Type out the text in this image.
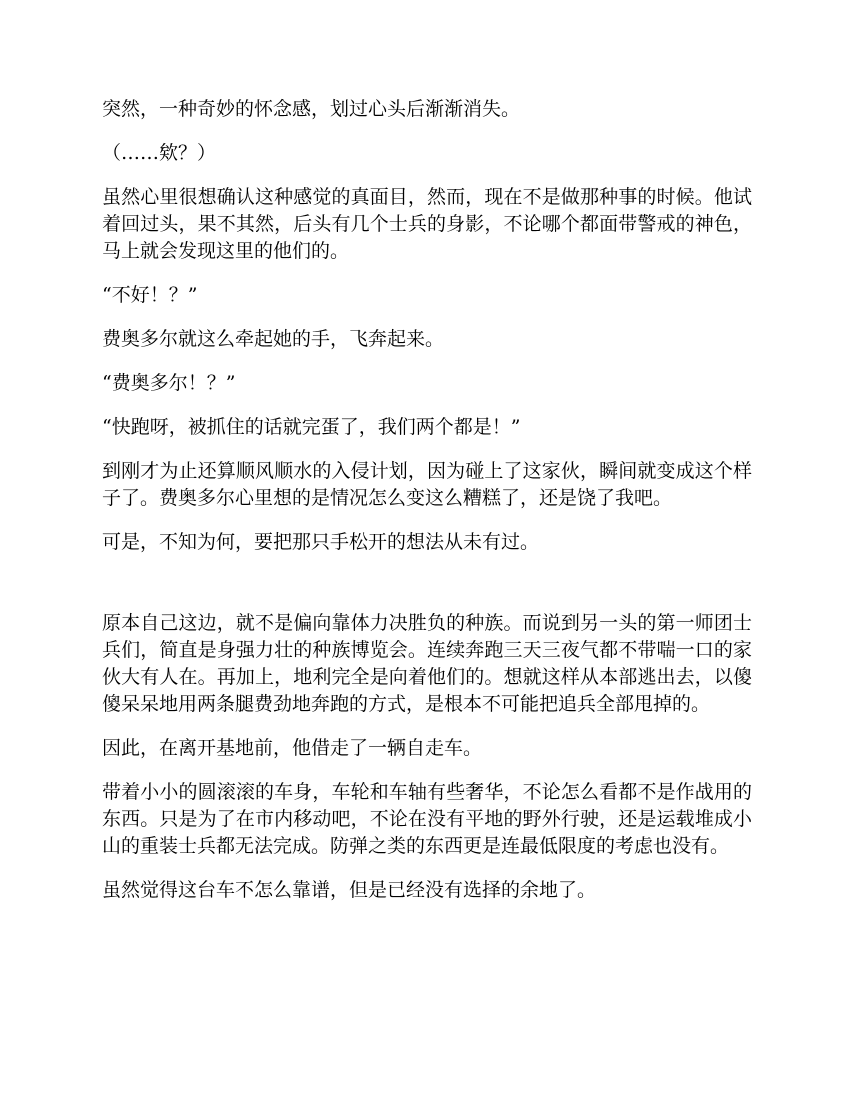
突然，一种奇妙的怀念感，划过心头后渐渐消失。

（……欸？）

虽然心里很想确认这种感觉的真面目，然而，现在不是做那种事的时候。他试着回过头，果不其然，后头有几个士兵的身影，不论哪个都面带警戒的神色，马上就会发现这里的他们的。

“不好！？”

费奥多尔就这么牵起她的手，飞奔起来。

“费奥多尔！？”

“快跑呀，被抓住的话就完蛋了，我们两个都是！”

到刚才为止还算顺风顺水的入侵计划，因为碰上了这家伙，瞬间就变成这个样子了。费奥多尔心里想的是情况怎么变这么糟糕了，还是饶了我吧。

可是，不知为何，要把那只手松开的想法从未有过。

原本自己这边，就不是偏向靠体力决胜负的种族。而说到另一头的第一师团士兵们，简直是身强力壮的种族博览会。连续奔跑三天三夜气都不带喘一口的家伙大有人在。再加上，地利完全是向着他们的。想就这样从本部逃出去，以傻傻呆呆地用两条腿费劲地奔跑的方式，是根本不可能把追兵全部甩掉的。

因此，在离开基地前，他借走了一辆自走车。

带着小小的圆滚滚的车身，车轮和车轴有些奢华，不论怎么看都不是作战用的东西。只是为了在市内移动吧，不论在没有平地的野外行驶，还是运载堆成小山的重装士兵都无法完成。防弹之类的东西更是连最低限度的考虑也没有。

虽然觉得这台车不怎么靠谱，但是已经没有选择的余地了。
